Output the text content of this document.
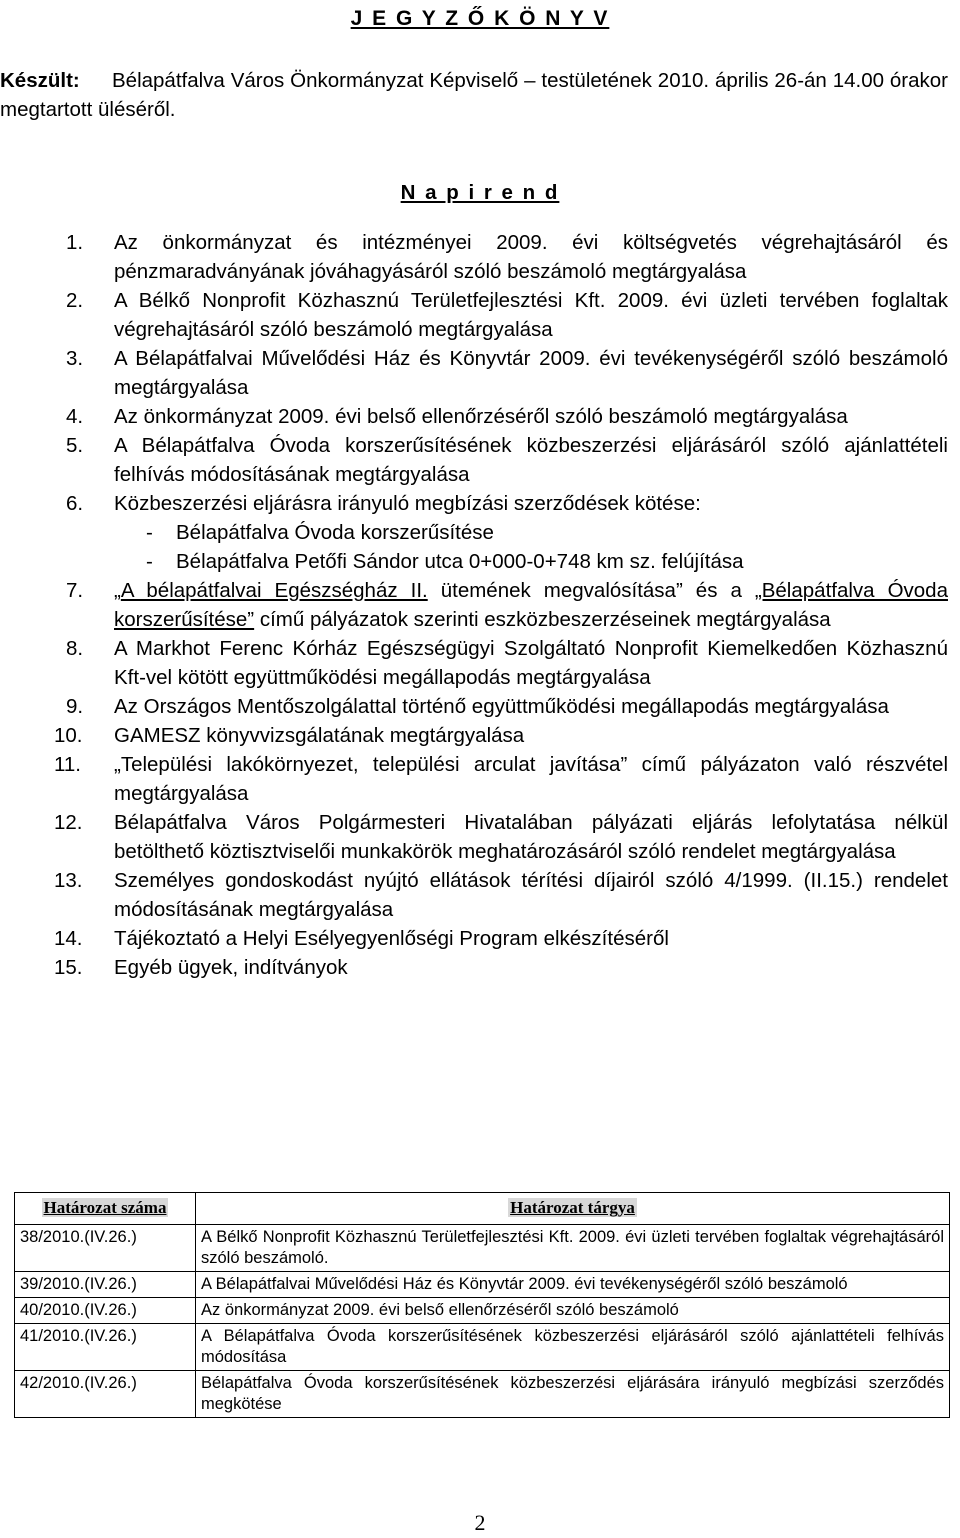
J E G Y Z Ő K Ö N Y V
Készült: Bélapátfalva Város Önkormányzat Képviselő – testületének 2010. április 26-án 14.00 órakor megtartott üléséről.
N a p i r e n d
1. Az önkormányzat és intézményei 2009. évi költségvetés végrehajtásáról és pénzmaradványának jóváhagyásáról szóló beszámoló megtárgyalása
2. A Bélkő Nonprofit Közhasznú Területfejlesztési Kft. 2009. évi üzleti tervében foglaltak végrehajtásáról szóló beszámoló megtárgyalása
3. A Bélapátfalvai Művelődési Ház és Könyvtár 2009. évi tevékenységéről szóló beszámoló megtárgyalása
4. Az önkormányzat 2009. évi belső ellenőrzéséről szóló beszámoló megtárgyalása
5. A Bélapátfalva Óvoda korszerűsítésének közbeszerzési eljárásáról szóló ajánlattételi felhívás módosításának megtárgyalása
6. Közbeszerzési eljárásra irányuló megbízási szerződések kötése:
- Bélapátfalva Óvoda korszerűsítése
- Bélapátfalva Petőfi Sándor utca 0+000-0+748 km sz. felújítása
7. „A bélapátfalvai Egészségház II. ütemének megvalósítása” és a „Bélapátfalva Óvoda korszerűsítése” című pályázatok szerinti eszközbeszerzéseinek megtárgyalása
8. A Markhot Ferenc Kórház Egészségügyi Szolgáltató Nonprofit Kiemelkedően Közhasznú Kft-vel kötött együttműködési megállapodás megtárgyalása
9. Az Országos Mentőszolgálattal történő együttműködési megállapodás megtárgyalása
10. GAMESZ könyvvizsgálatának megtárgyalása
11. „Települési lakókörnyezet, települési arculat javítása” című pályázaton való részvétel megtárgyalása
12. Bélapátfalva Város Polgármesteri Hivatalában pályázati eljárás lefolytatása nélkül betölthető köztisztviselői munkakörök meghatározásáról szóló rendelet megtárgyalása
13. Személyes gondoskodást nyújtó ellátások térítési díjairól szóló 4/1999. (II.15.) rendelet módosításának megtárgyalása
14. Tájékoztató a Helyi Esélyegyenlőségi Program elkészítéséről
15. Egyéb ügyek, indítványok
Határozat száma	Határozat tárgya
38/2010.(IV.26.)	A Bélkő Nonprofit Közhasznú Területfejlesztési Kft. 2009. évi üzleti tervében foglaltak végrehajtásáról szóló beszámoló.
39/2010.(IV.26.)	A Bélapátfalvai Művelődési Ház és Könyvtár 2009. évi tevékenységéről szóló beszámoló
40/2010.(IV.26.)	Az önkormányzat 2009. évi belső ellenőrzéséről szóló beszámoló
41/2010.(IV.26.)	A Bélapátfalva Óvoda korszerűsítésének közbeszerzési eljárásáról szóló ajánlattételi felhívás módosítása
42/2010.(IV.26.)	Bélapátfalva Óvoda korszerűsítésének közbeszerzési eljárására irányuló megbízási szerződés megkötése
2
